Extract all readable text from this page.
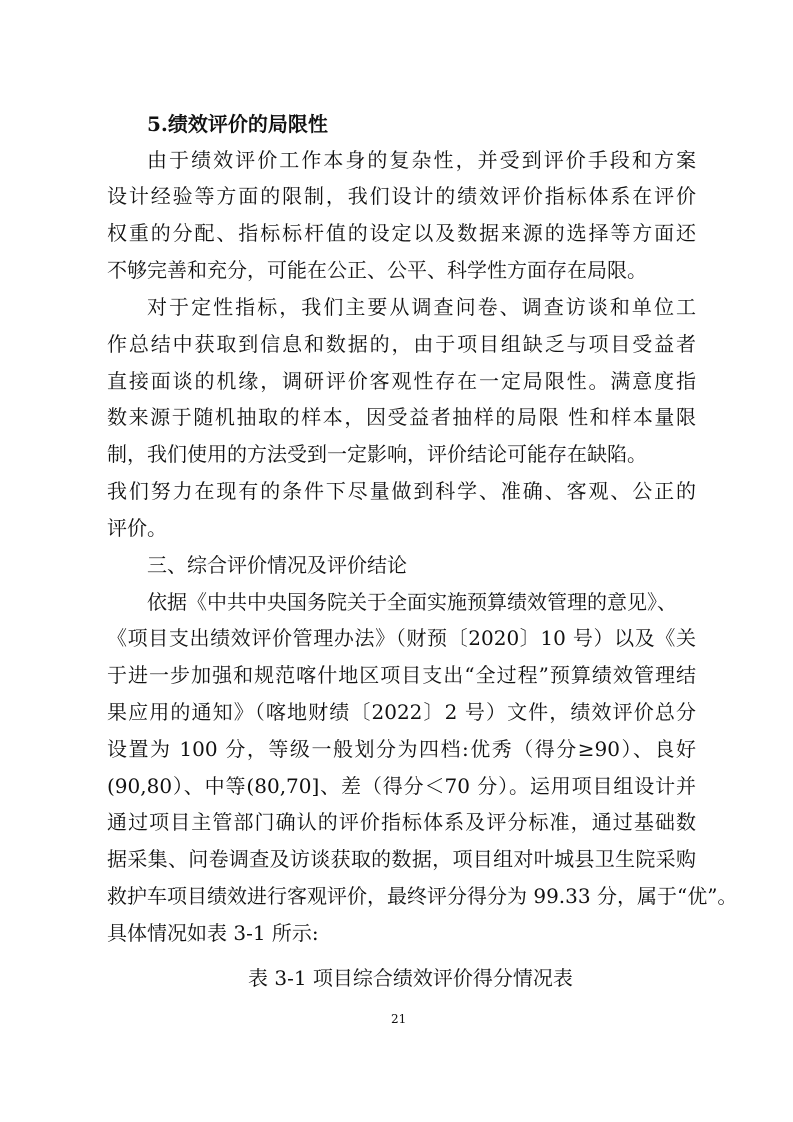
5.绩效评价的局限性
由于绩效评价工作本身的复杂性，并受到评价手段和方案
设计经验等方面的限制，我们设计的绩效评价指标体系在评价
权重的分配、指标标杆值的设定以及数据来源的选择等方面还
不够完善和充分，可能在公正、公平、科学性方面存在局限。
对于定性指标，我们主要从调查问卷、调查访谈和单位工
作总结中获取到信息和数据的，由于项目组缺乏与项目受益者
直接面谈的机缘，调研评价客观性存在一定局限性。满意度指
数来源于随机抽取的样本，因受益者抽样的局限 性和样本量限
制，我们使用的方法受到一定影响，评价结论可能存在缺陷。
我们努力在现有的条件下尽量做到科学、准确、客观、公正的
评价。
三、综合评价情况及评价结论
依据《中共中央国务院关于全面实施预算绩效管理的意见》、
《项目支出绩效评价管理办法》（财预〔2020〕10 号）以及《关
于进一步加强和规范喀什地区项目支出“全过程”预算绩效管理结
果应用的通知》（喀地财绩〔2022〕2 号）文件，绩效评价总分
设置为 100 分，等级一般划分为四档:优秀（得分≥90）、良好
(90,80）、中等(80,70]、差（得分＜70 分）。运用项目组设计并
通过项目主管部门确认的评价指标体系及评分标准，通过基础数
据采集、问卷调查及访谈获取的数据，项目组对叶城县卫生院采购
救护车项目绩效进行客观评价，最终评分得分为 99.33 分，属于“优”。
具体情况如表 3-1 所示:
表 3-1 项目综合绩效评价得分情况表
21
